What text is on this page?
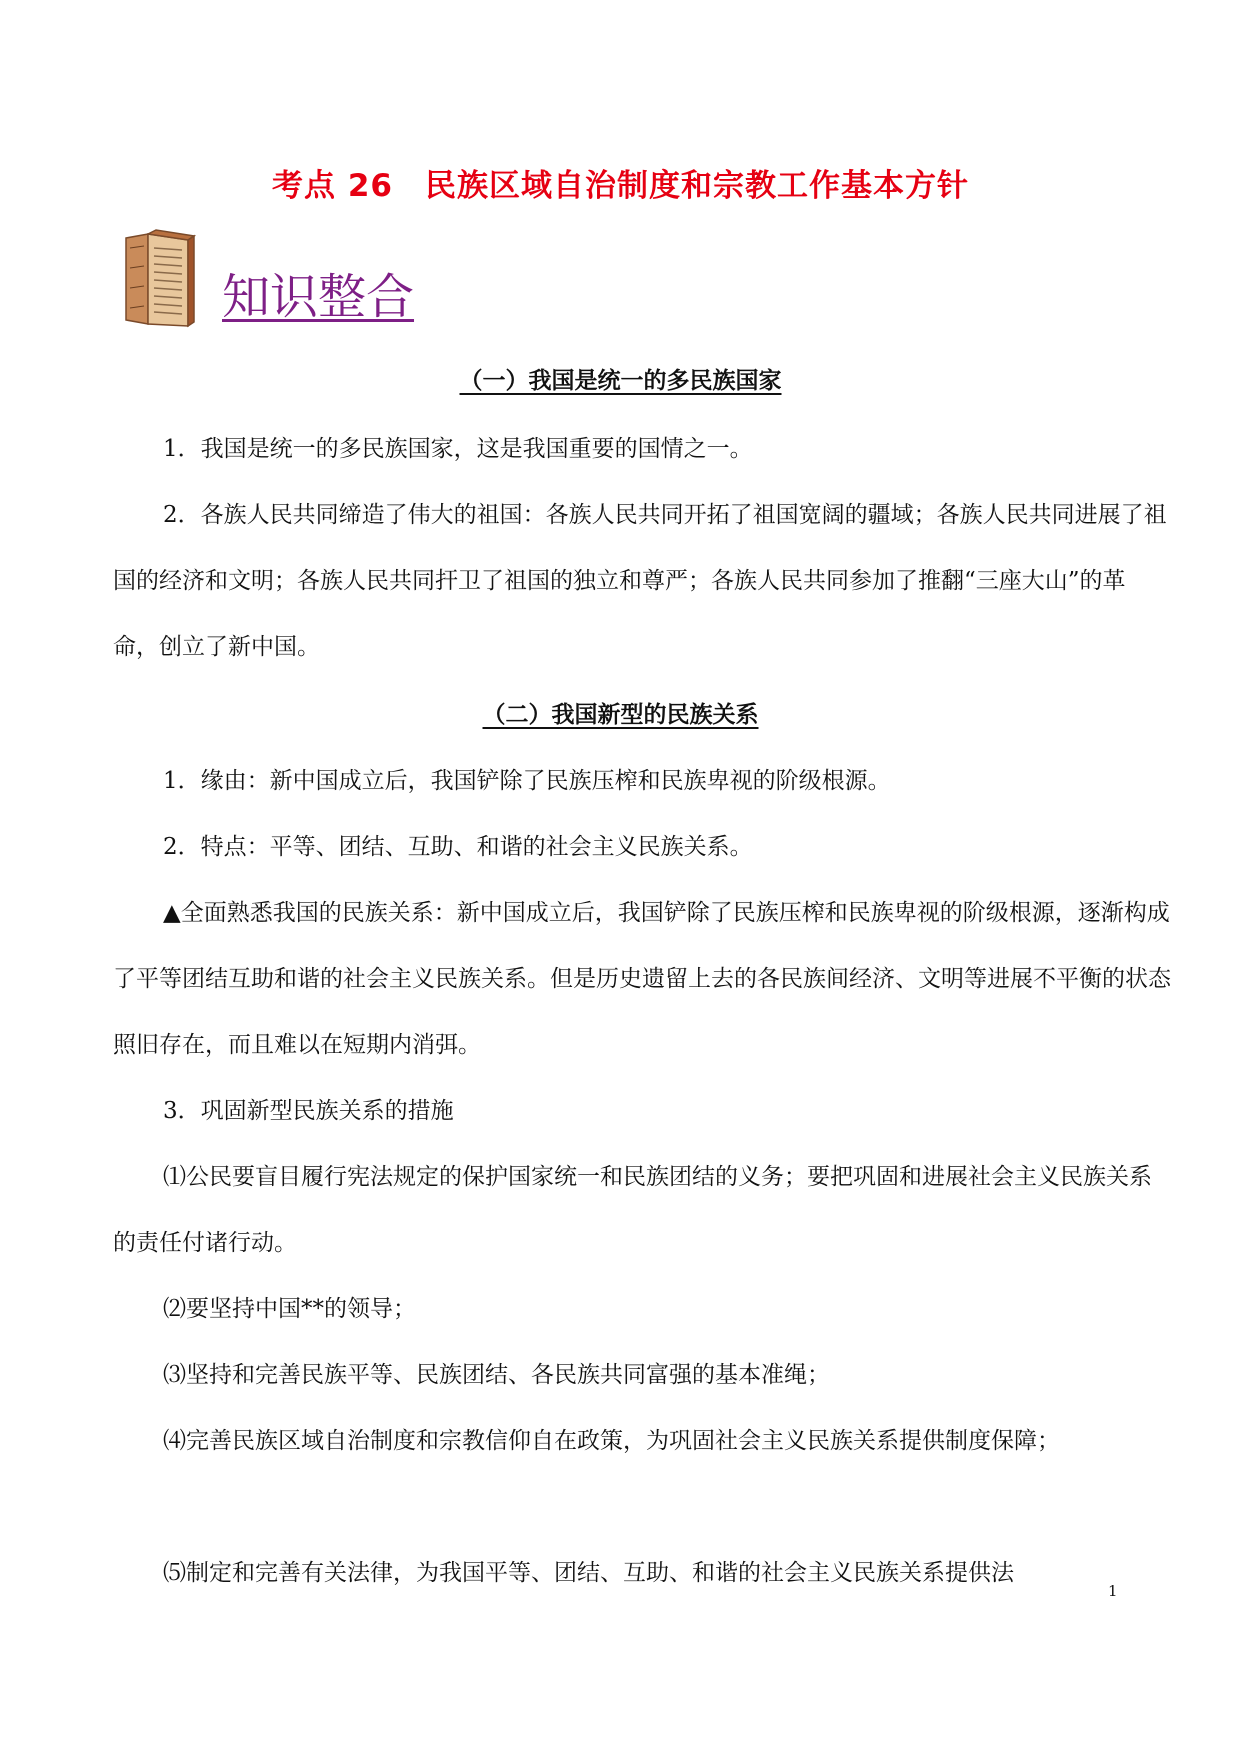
考点 26　民族区域自治制度和宗教工作基本方针
知识整合
（一）我国是统一的多民族国家
1．我国是统一的多民族国家，这是我国重要的国情之一。
2．各族人民共同缔造了伟大的祖国：各族人民共同开拓了祖国宽阔的疆域；各族人民共同进展了祖国的经济和文明；各族人民共同扞卫了祖国的独立和尊严；各族人民共同参加了推翻“三座大山”的革命，创立了新中国。
（二）我国新型的民族关系
1．缘由：新中国成立后，我国铲除了民族压榨和民族卑视的阶级根源。
2．特点：平等、团结、互助、和谐的社会主义民族关系。
▲全面熟悉我国的民族关系：新中国成立后，我国铲除了民族压榨和民族卑视的阶级根源，逐渐构成了平等团结互助和谐的社会主义民族关系。但是历史遗留上去的各民族间经济、文明等进展不平衡的状态照旧存在，而且难以在短期内消弭。
3．巩固新型民族关系的措施
⑴公民要盲目履行宪法规定的保护国家统一和民族团结的义务；要把巩固和进展社会主义民族关系的责任付诸行动。
⑵要坚持中国**的领导；
⑶坚持和完善民族平等、民族团结、各民族共同富强的基本准绳；
⑷完善民族区域自治制度和宗教信仰自在政策，为巩固社会主义民族关系提供制度保障；
⑸制定和完善有关法律，为我国平等、团结、互助、和谐的社会主义民族关系提供法
1
